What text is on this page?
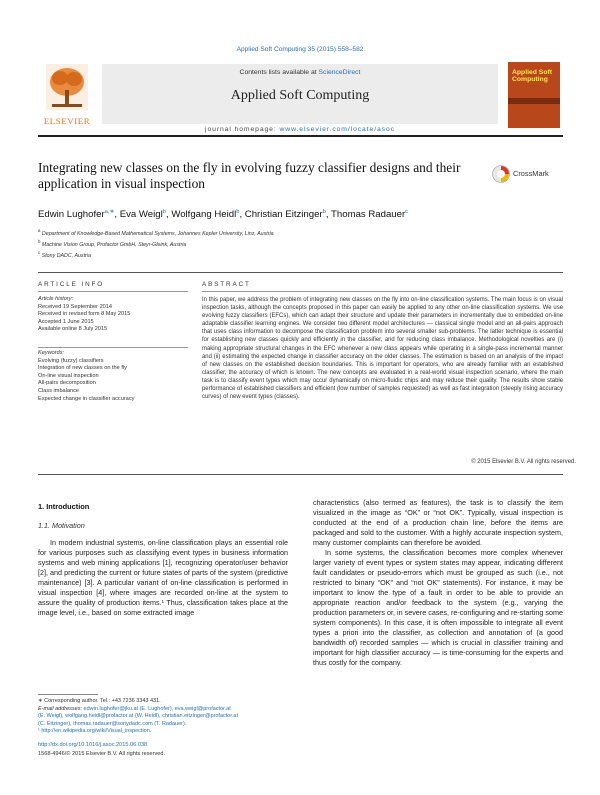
Applied Soft Computing 35 (2015) 558–582
ELSEVIER
Contents lists available at ScienceDirect
Applied Soft Computing
journal homepage: www.elsevier.com/locate/asoc
Applied Soft Computing
Integrating new classes on the fly in evolving fuzzy classifier designs and their application in visual inspection
CrossMark
Edwin Lughofer$^{a,∗}$, Eva Weigl$^b$, Wolfgang Heidl$^b$, Christian Eitzinger$^b$, Thomas Radauer$^c$
$^a$ Department of Knowledge-Based Mathematical Systems, Johannes Kepler University, Linz, Austria
$^b$ Machine Vision Group, Profactor GmbH, Steyr-Gleink, Austria
$^c$ Stony DADC, Austria
ARTICLE INFO
Article history:
Received 19 September 2014
Received in revised form 8 May 2015
Accepted 1 June 2015
Available online 8 July 2015
Keywords:
Evolving (fuzzy) classifiers
Integration of new classes on the fly
On-line visual inspection
All-pairs decomposition
Class imbalance
Expected change in classifier accuracy
ABSTRACT
In this paper, we address the problem of integrating new classes on the fly into on-line classification systems. The main focus is on visual inspection tasks, although the concepts proposed in this paper can easily be applied to any other on-line classification systems. We use evolving fuzzy classifiers (EFCs), which can adapt their structure and update their parameters in incrementally due to embedded on-line adaptable classifier learning engines. We consider two different model architectures — classical single model and an all-pairs approach that uses class information to decompose the classification problem into several smaller sub-problems. The latter technique is essential for establishing new classes quickly and efficiently in the classifier, and for reducing class imbalance. Methodological novelties are (i) making appropriate structural changes in the EFC whenever a new class appears while operating in a single-pass incremental manner and (ii) estimating the expected change in classifier accuracy on the older classes. The estimation is based on an analysis of the impact of new classes on the established decision boundaries. This is important for operators, who are already familiar with an established classifier, the accuracy of which is known. The new concepts are evaluated in a real-world visual inspection scenario, where the main task is to classify event types which may occur dynamically on micro-fluidic chips and may reduce their quality. The results show stable performance of established classifiers and efficient (low number of samples requested) as well as fast integration (steeply rising accuracy curves) of new event types (classes).
© 2015 Elsevier B.V. All rights reserved.
1. Introduction
1.1. Motivation

In modern industrial systems, on-line classification plays an essential role for various purposes such as classifying event types in business information systems and web mining applications [1], recognizing operator/user behavior [2], and predicting the current or future states of parts of the system (predictive maintenance) [3]. A particular variant of on-line classification is performed in visual inspection [4], where images are recorded on-line at the system to assure the quality of production items.¹ Thus, classification takes place at the image level, i.e., based on some extracted image

characteristics (also termed as features), the task is to classify the item visualized in the image as “OK” or “not OK”. Typically, visual inspection is conducted at the end of a production chain line, before the items are packaged and sold to the customer. With a highly accurate inspection system, many customer complaints can therefore be avoided.

In some systems, the classification becomes more complex whenever larger variety of event types or system states may appear, indicating different fault candidates or pseudo-errors which must be grouped as such (i.e., not restricted to binary “OK” and “not OK” statements). For instance, it may be important to know the type of a fault in order to be able to provide an appropriate reaction and/or feedback to the system (e.g., varying the production parameters or, in severe cases, re-configuring and re-starting some system components). In this case, it is often impossible to integrate all event types a priori into the classifier, as collection and annotation of (a good bandwidth of) recorded samples — which is crucial in classifier training and important for high classifier accuracy — is time-consuming for the experts and thus costly for the company.

∗ Corresponding author. Tel.: +43 7236 3343 431.
E-mail addresses: edwin.lughofer@jku.at (E. Lughofer), eva.weigl@profactor.at
(E. Weigl), wolfgang.heidl@profactor.at (W. Heidl), christian.eitzinger@profactor.at
(C. Eitzinger), thomas.radauer@sonydadc.com (T. Radauer).
¹ http://en.wikipedia.org/wiki/Visual_inspection.
http://dx.doi.org/10.1016/j.asoc.2015.06.038
1568-4946/© 2015 Elsevier B.V. All rights reserved.
